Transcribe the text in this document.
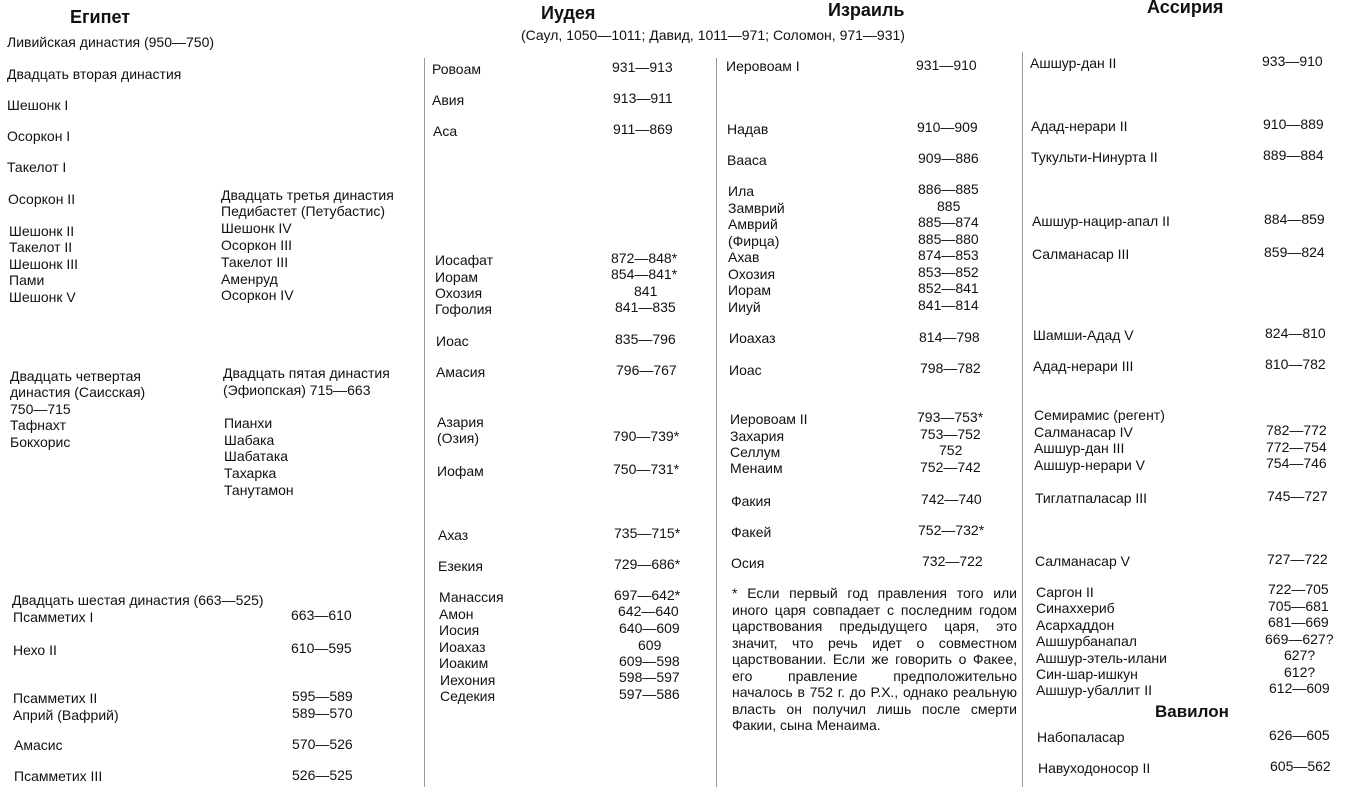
Египет	Иудея
(Саул, 1050—1011; Давид, 1011—971; Соломон, 971—931)
Израиль	Ассирия
Ливийская династия (950—750)
Двадцать вторая династия
Шешонк I
Осоркон I
Такелот I
Осоркон II
Шешонк II
Такелот II
Шешонк III
Пами
Шешонк V
Двадцать третья династия
Педибастет (Петубастис)
Шешонк IV
Осоркон III
Такелот III
Аменруд
Осоркон IV
Двадцать четвертая
династия (Саисская)
750—715
Тафнахт
Бокхорис
Двадцать пятая династия
(Эфиопская) 715—663
Пианхи
Шабака
Шабатака
Тахарка
Танутамон
Двадцать шестая династия (663—525)
Псамметих I	663—610
Нехо II	610—595
Псамметих II	595—589
Априй (Вафрий)	589—570
Амасис	570—526
Псамметих III	526—525
Ровоам	931—913
Авия	913—911
Аса	911—869
Иосафат	872—848*
Иорам	854—841*
Охозия	841
Гофолия	841—835
Иоас	835—796
Амасия	796—767
Азария
(Озия)	790—739*
Иофам	750—731*
Ахаз	735—715*
Езекия	729—686*
Манассия	697—642*
Амон	642—640
Иосия	640—609
Иоахаз	609
Иоаким	609—598
Иехония	598—597
Седекия	597—586
Иеровоам I	931—910
Надав	910—909
Вааса	909—886
Ила	886—885
Замврий	885
Амврий	885—874
(Фирца)	885—880
Ахав	874—853
Охозия	853—852
Иорам	852—841
Ииуй	841—814
Иоахаз	814—798
Иоас	798—782
Иеровоам II	793—753*
Захария	753—752
Селлум	752
Менаим	752—742
Факия	742—740
Факей	752—732*
Осия	732—722
* Если первый год правления того или иного царя совпадает с последним годом царствования предыдущего царя, это значит, что речь идет о совместном царствовании. Если же говорить о Факее, его правление предположительно началось в 752 г. до Р.Х., однако реальную власть он получил лишь после смерти Факии, сына Менаима.
Ашшур-дан II	933—910
Адад-нерари II	910—889
Тукульти-Нинурта II	889—884
Ашшур-нацир-апал II	884—859
Салманасар III	859—824
Шамши-Адад V	824—810
Адад-нерари III	810—782
Семирамис (регент)
Салманасар IV	782—772
Ашшур-дан III	772—754
Ашшур-нерари V	754—746
Тиглатпаласар III	745—727
Салманасар V	727—722
Саргон II	722—705
Синаххериб	705—681
Асархаддон	681—669
Ашшурбанапал	669—627?
Ашшур-этель-илани	627?
Син-шар-ишкун	612?
Ашшур-убаллит II	612—609
Вавилон
Набопаласар	626—605
Навуходоносор II	605—562
